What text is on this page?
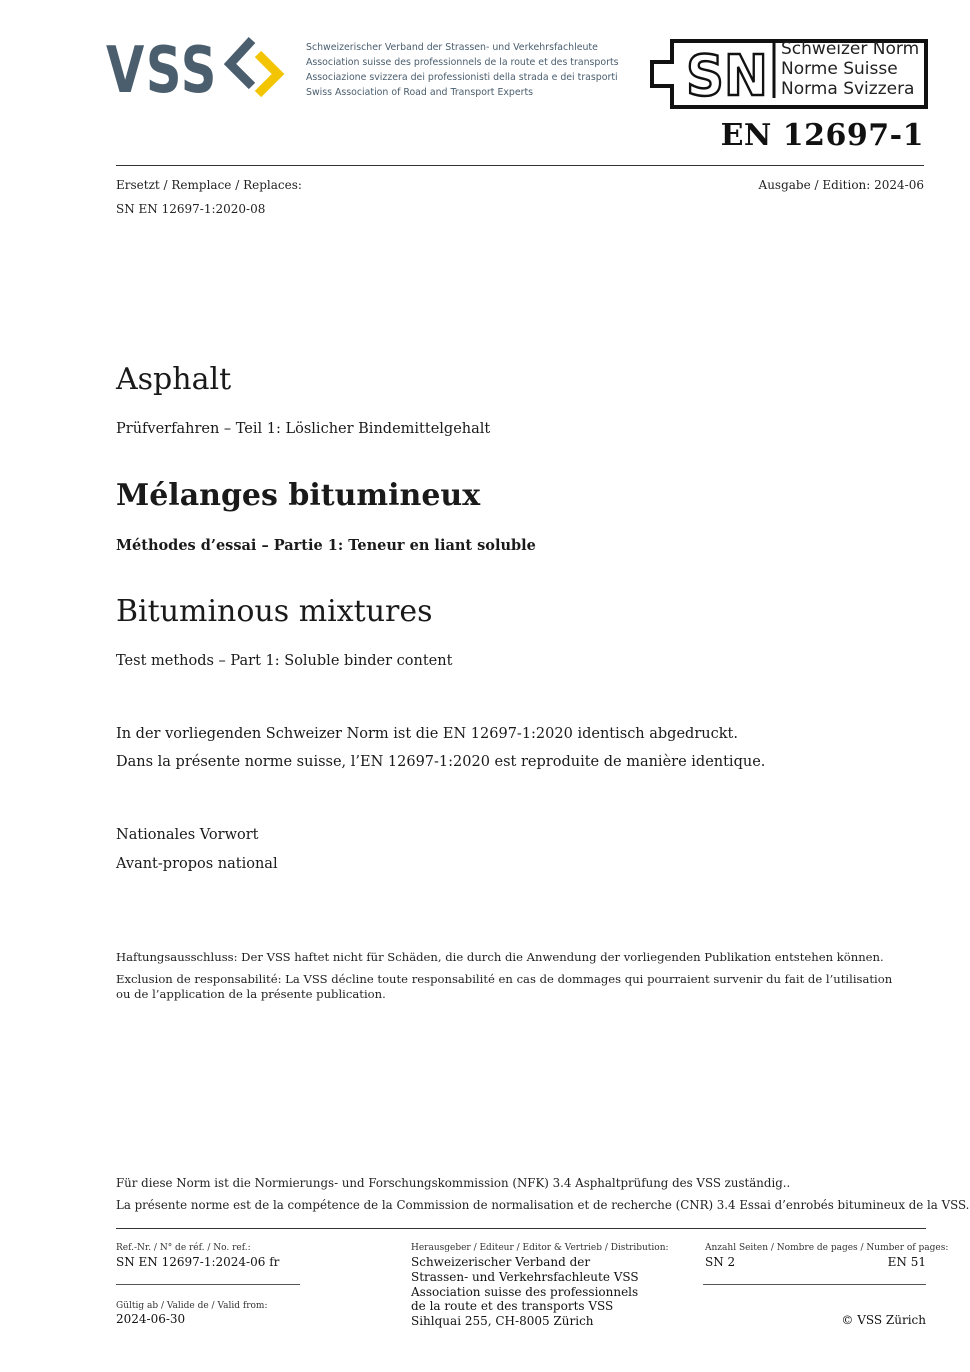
VSS	Schweizerischer Verband der Strassen- und Verkehrsfachleute
Association suisse des professionnels de la route et des transports
Associazione svizzera dei professionisti della strada e dei trasporti
Swiss Association of Road and Transport Experts	SN Schweizer Norm
Norme Suisse
Norma Svizzera
EN 12697-1
Ersetzt / Remplace / Replaces:
SN EN 12697-1:2020-08
Ausgabe / Edition: 2024-06
Asphalt
Prüfverfahren – Teil 1: Löslicher Bindemittelgehalt
Mélanges bitumineux
Méthodes d’essai – Partie 1: Teneur en liant soluble
Bituminous mixtures
Test methods – Part 1: Soluble binder content
In der vorliegenden Schweizer Norm ist die EN 12697-1:2020 identisch abgedruckt.
Dans la présente norme suisse, l’EN 12697-1:2020 est reproduite de manière identique.
Nationales Vorwort
Avant-propos national
Haftungsausschluss: Der VSS haftet nicht für Schäden, die durch die Anwendung der vorliegenden Publikation entstehen können.
Exclusion de responsabilité: La VSS décline toute responsabilité en cas de dommages qui pourraient survenir du fait de l’utilisation
ou de l’application de la présente publication.
Für diese Norm ist die Normierungs- und Forschungskommission (NFK) 3.4 Asphaltprüfung des VSS zuständig..
La présente norme est de la compétence de la Commission de normalisation et de recherche (CNR) 3.4 Essai d’enrobés bitumineux de la VSS.
Ref.-Nr. / N° de réf. / No. ref.:
SN EN 12697-1:2024-06 fr
Gültig ab / Valide de / Valid from:
2024-06-30
Herausgeber / Editeur / Editor & Vertrieb / Distribution:
Schweizerischer Verband der
Strassen- und Verkehrsfachleute VSS
Association suisse des professionnels
de la route et des transports VSS
Sihlquai 255, CH-8005 Zürich
Anzahl Seiten / Nombre de pages / Number of pages:
SN 2	EN 51
© VSS Zürich
